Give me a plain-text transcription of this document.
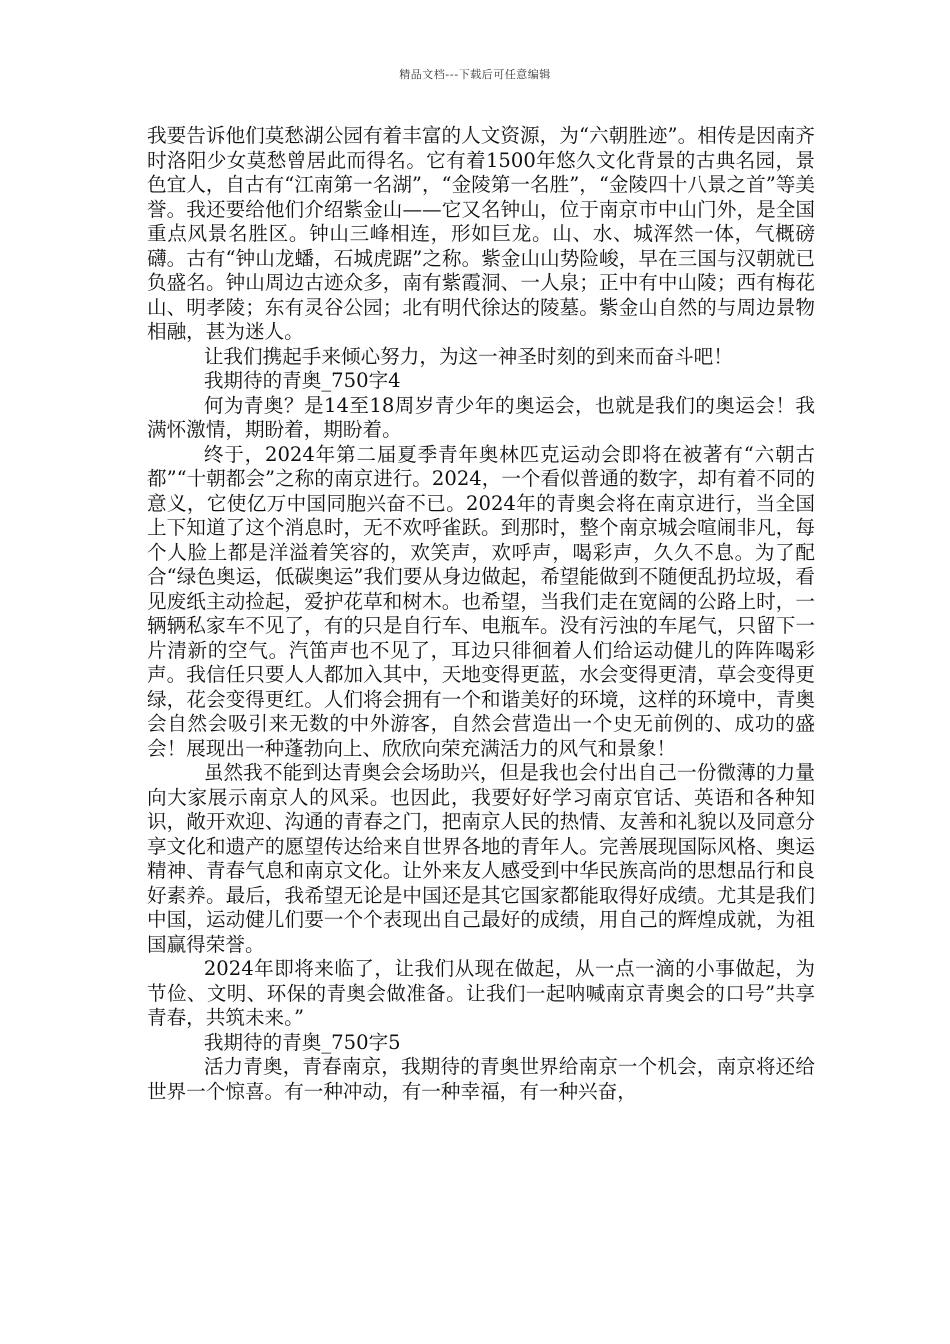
精品文档---下载后可任意编辑

我要告诉他们莫愁湖公园有着丰富的人文资源，为“六朝胜迹”。相传是因南齐时洛阳少女莫愁曾居此而得名。它有着1500年悠久文化背景的古典名园，景色宜人，自古有“江南第一名湖”，“金陵第一名胜”，“金陵四十八景之首”等美誉。我还要给他们介绍紫金山——它又名钟山，位于南京市中山门外，是全国重点风景名胜区。钟山三峰相连，形如巨龙。山、水、城浑然一体，气概磅礴。古有“钟山龙蟠，石城虎踞”之称。紫金山山势险峻，早在三国与汉朝就已负盛名。钟山周边古迹众多，南有紫霞洞、一人泉；正中有中山陵；西有梅花山、明孝陵；东有灵谷公园；北有明代徐达的陵墓。紫金山自然的与周边景物相融，甚为迷人。

让我们携起手来倾心努力，为这一神圣时刻的到来而奋斗吧！

我期待的青奥_750字4

何为青奥？是14至18周岁青少年的奥运会，也就是我们的奥运会！我满怀激情，期盼着，期盼着。

终于，2024年第二届夏季青年奥林匹克运动会即将在被著有“六朝古都”“十朝都会”之称的南京进行。2024，一个看似普通的数字，却有着不同的意义，它使亿万中国同胞兴奋不已。2024年的青奥会将在南京进行，当全国上下知道了这个消息时，无不欢呼雀跃。到那时，整个南京城会喧闹非凡，每个人脸上都是洋溢着笑容的，欢笑声，欢呼声，喝彩声，久久不息。为了配合“绿色奥运，低碳奥运”我们要从身边做起，希望能做到不随便乱扔垃圾，看见废纸主动捡起，爱护花草和树木。也希望，当我们走在宽阔的公路上时，一辆辆私家车不见了，有的只是自行车、电瓶车。没有污浊的车尾气，只留下一片清新的空气。汽笛声也不见了，耳边只徘徊着人们给运动健儿的阵阵喝彩声。我信任只要人人都加入其中，天地变得更蓝，水会变得更清，草会变得更绿，花会变得更红。人们将会拥有一个和谐美好的环境，这样的环境中，青奥会自然会吸引来无数的中外游客，自然会营造出一个史无前例的、成功的盛会！展现出一种蓬勃向上、欣欣向荣充满活力的风气和景象！

虽然我不能到达青奥会会场助兴，但是我也会付出自己一份微薄的力量向大家展示南京人的风采。也因此，我要好好学习南京官话、英语和各种知识，敞开欢迎、沟通的青春之门，把南京人民的热情、友善和礼貌以及同意分享文化和遗产的愿望传达给来自世界各地的青年人。完善展现国际风格、奥运精神、青春气息和南京文化。让外来友人感受到中华民族高尚的思想品行和良好素养。最后，我希望无论是中国还是其它国家都能取得好成绩。尤其是我们中国，运动健儿们要一个个表现出自己最好的成绩，用自己的辉煌成就，为祖国赢得荣誉。

2024年即将来临了，让我们从现在做起，从一点一滴的小事做起，为节俭、文明、环保的青奥会做准备。让我们一起呐喊南京青奥会的口号”共享青春，共筑未来。”

我期待的青奥_750字5

活力青奥，青春南京，我期待的青奥世界给南京一个机会，南京将还给世界一个惊喜。有一种冲动，有一种幸福，有一种兴奋，
